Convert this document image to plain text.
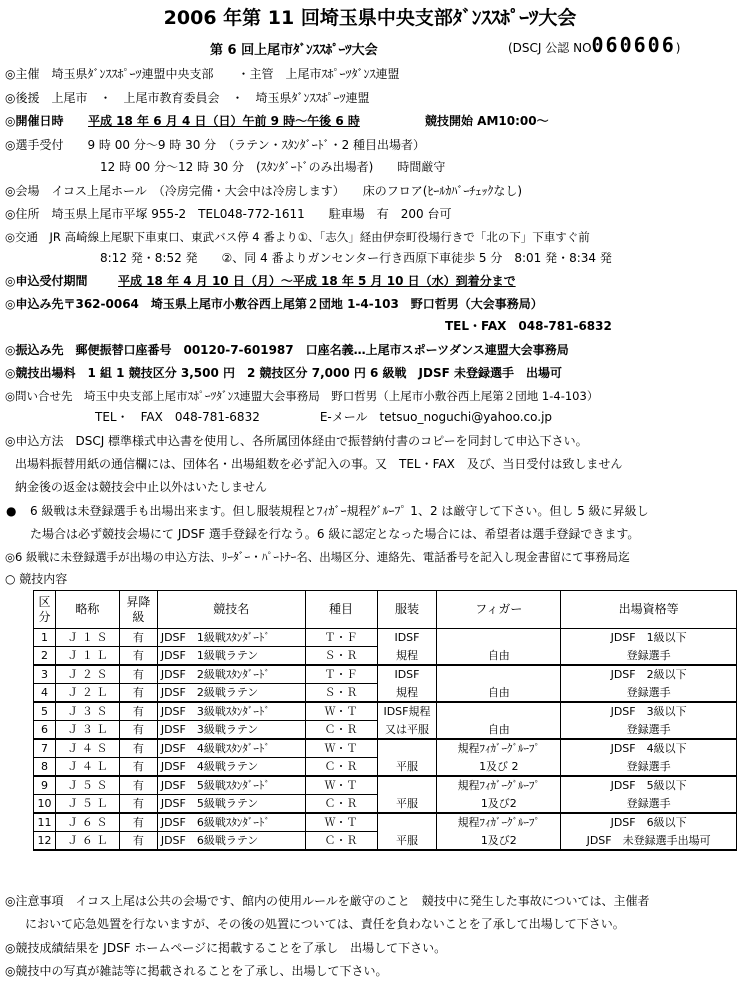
2006 年第 11 回埼玉県中央支部ﾀﾞﾝｽｽﾎﾟｰﾂ大会
第 6 回上尾市ﾀﾞﾝｽｽﾎﾟｰﾂ大会	(DSCJ 公認 NO060606)
◎主催　埼玉県ﾀﾞﾝｽｽﾎﾟｰﾂ連盟中央支部　　・主管　上尾市ｽﾎﾟｰﾂﾀﾞﾝｽ連盟
◎後援　上尾市　・　上尾市教育委員会　・　埼玉県ﾀﾞﾝｽｽﾎﾟｰﾂ連盟
◎開催日時 平成 18 年 6 月 4 日（日）午前 9 時～午後 6 時	競技開始 AM10:00～
◎選手受付　　9 時 00 分～9 時 30 分　（ラテン・ｽﾀﾝﾀﾞｰﾄﾞ・2 種目出場者）
12 時 00 分～12 時 30 分　(ｽﾀﾝﾀﾞｰﾄﾞのみ出場者)　　時間厳守
◎会場　イコス上尾ホール　（冷房完備・大会中は冷房します）　　床のフロア(ﾋｰﾙｶﾊﾞｰﾁｪｯｸなし)
◎住所　埼玉県上尾市平塚 955-2　TEL048-772-1611　　駐車場　有　200 台可
◎交通　JR 高崎線上尾駅下車東口、東武バス停 4 番より①、「志久」経由伊奈町役場行きで「北の下」下車すぐ前
8:12 発・8:52 発　　②、同 4 番よりガンセンター行き西原下車徒歩 5 分　8:01 発・8:34 発
◎申込受付期間	平成 18 年 4 月 10 日（月）～平成 18 年 5 月 10 日（水）到着分まで
◎申込み先〒362-0064　埼玉県上尾市小敷谷西上尾第２団地 1-4-103　野口哲男（大会事務局）
TEL・FAX　048-781-6832
◎振込み先　郵便振替口座番号　00120-7-601987　口座名義…上尾市スポーツダンス連盟大会事務局
◎競技出場料　1 組 1 競技区分 3,500 円　2 競技区分 7,000 円 6 級戦　JDSF 未登録選手　出場可
◎問い合せ先　埼玉中央支部上尾市ｽﾎﾟｰﾂﾀﾞﾝｽ連盟大会事務局　野口哲男（上尾市小敷谷西上尾第２団地 1-4-103）
TEL・　FAX　048-781-6832　　　　　E‐メール　tetsuo_noguchi@yahoo.co.jp
◎申込方法　DSCJ 標準様式申込書を使用し、各所属団体経由で振替納付書のコピーを同封して申込下さい。
出場料振替用紙の通信欄には、団体名・出場組数を必ず記入の事。又　TEL・FAX　及び、当日受付は致しません
納金後の返金は競技会中止以外はいたしません
● 6 級戦は未登録選手も出場出来ます。但し服装規程とﾌｨｶﾞｰ規程ｸﾞﾙｰﾌﾟ 1、2 は厳守して下さい。但し 5 級に昇級し
た場合は必ず競技会場にて JDSF 選手登録を行なう。6 級に認定となった場合には、希望者は選手登録できます。
◎6 級戦に未登録選手が出場の申込方法、ﾘｰﾀﾞｰ・ﾊﾟｰﾄﾅｰ名、出場区分、連絡先、電話番号を記入し現金書留にて事務局迄
○ 競技内容
区分	略称	昇降級	競技名	種目	服装	フィガー	出場資格等
1	Ｊ １ Ｓ	有	JDSF　1級戦ｽﾀﾝﾀﾞｰﾄﾞ	Ｔ・Ｆ	IDSF		JDSF　1級以下
2	Ｊ １ Ｌ	有	JDSF　1級戦ラテン	Ｓ・Ｒ	規程	自由	登録選手
3	Ｊ ２ Ｓ	有	JDSF　2級戦ｽﾀﾝﾀﾞｰﾄﾞ	Ｔ・Ｆ	IDSF		JDSF　2級以下
4	Ｊ ２ Ｌ	有	JDSF　2級戦ラテン	Ｓ・Ｒ	規程	自由	登録選手
5	Ｊ ３ Ｓ	有	JDSF　3級戦ｽﾀﾝﾀﾞｰﾄﾞ	Ｗ・Ｔ	IDSF規程		JDSF　3級以下
6	Ｊ ３ Ｌ	有	JDSF　3級戦ラテン	Ｃ・Ｒ	又は平服	自由	登録選手
7	Ｊ ４ Ｓ	有	JDSF　4級戦ｽﾀﾝﾀﾞｰﾄﾞ	Ｗ・Ｔ		規程ﾌｨｶﾞｰｸﾞﾙｰﾌﾟ	JDSF　4級以下
8	Ｊ ４ Ｌ	有	JDSF　4級戦ラテン	Ｃ・Ｒ	平服	1及び 2	登録選手
9	Ｊ ５ Ｓ	有	JDSF　5級戦ｽﾀﾝﾀﾞｰﾄﾞ	Ｗ・Ｔ		規程ﾌｨｶﾞｰｸﾞﾙｰﾌﾟ	JDSF　5級以下
10	Ｊ ５ Ｌ	有	JDSF　5級戦ラテン	Ｃ・Ｒ	平服	1及び2	登録選手
11	Ｊ ６ Ｓ	有	JDSF　6級戦ｽﾀﾝﾀﾞｰﾄﾞ	Ｗ・Ｔ		規程ﾌｨｶﾞｰｸﾞﾙｰﾌﾟ	JDSF　6級以下
12	Ｊ ６ Ｌ	有	JDSF　6級戦ラテン	Ｃ・Ｒ	平服	1及び2	JDSF　未登録選手出場可
◎注意事項　イコス上尾は公共の会場です、館内の使用ルールを厳守のこと　競技中に発生した事故については、主催者
において応急処置を行ないますが、その後の処置については、責任を負わないことを了承して出場して下さい。
◎競技成績結果を JDSF ホームページに掲載することを了承し　出場して下さい。
◎競技中の写真が雑誌等に掲載されることを了承し、出場して下さい。
